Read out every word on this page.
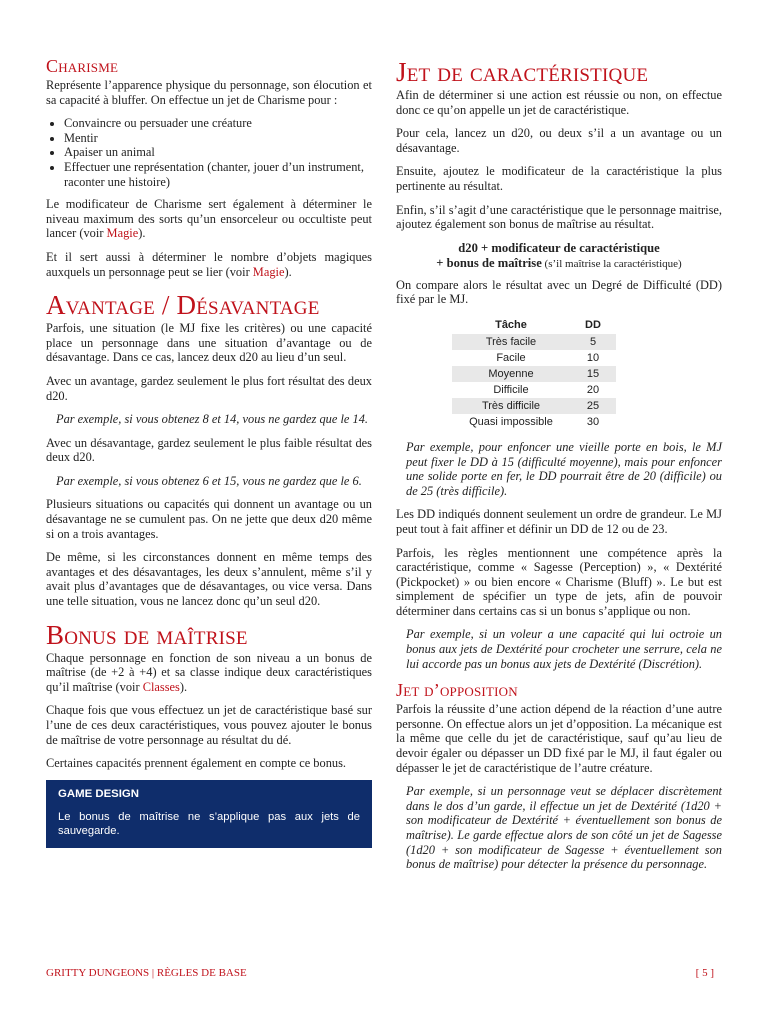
Charisme

Représente l’apparence physique du personnage, son élocution et sa capacité à bluffer. On effectue un jet de Charisme pour :

• Convaincre ou persuader une créature
• Mentir
• Apaiser un animal
• Effectuer une représentation (chanter, jouer d’un instrument, raconter une histoire)

Le modificateur de Charisme sert également à déterminer le niveau maximum des sorts qu’un ensorceleur ou occultiste peut lancer (voir Magie).

Et il sert aussi à déterminer le nombre d’objets magiques auxquels un personnage peut se lier (voir Magie).

Avantage / Désavantage

Parfois, une situation (le MJ fixe les critères) ou une capacité place un personnage dans une situation d’avantage ou de désavantage. Dans ce cas, lancez deux d20 au lieu d’un seul.

Avec un avantage, gardez seulement le plus fort résultat des deux d20.

Par exemple, si vous obtenez 8 et 14, vous ne gardez que le 14.

Avec un désavantage, gardez seulement le plus faible résultat des deux d20.

Par exemple, si vous obtenez 6 et 15, vous ne gardez que le 6.

Plusieurs situations ou capacités qui donnent un avantage ou un désavantage ne se cumulent pas. On ne jette que deux d20 même si on a trois avantages.

De même, si les circonstances donnent en même temps des avantages et des désavantages, les deux s’annulent, même s’il y avait plus d’avantages que de désavantages, ou vice versa. Dans une telle situation, vous ne lancez donc qu’un seul d20.

Bonus de maîtrise

Chaque personnage en fonction de son niveau a un bonus de maîtrise (de +2 à +4) et sa classe indique deux caractéristiques qu’il maîtrise (voir Classes).

Chaque fois que vous effectuez un jet de caractéristique basé sur l’une de ces deux caractéristiques, vous pouvez ajouter le bonus de maîtrise de votre personnage au résultat du dé.

Certaines capacités prennent également en compte ce bonus.

GAME DESIGN
Le bonus de maîtrise ne s’applique pas aux jets de sauvegarde.
Jet de caractéristique

Afin de déterminer si une action est réussie ou non, on effectue donc ce qu’on appelle un jet de caractéristique.

Pour cela, lancez un d20, ou deux s’il a un avantage ou un désavantage.

Ensuite, ajoutez le modificateur de la caractéristique la plus pertinente au résultat.

Enfin, s’il s’agit d’une caractéristique que le personnage maitrise, ajoutez également son bonus de maîtrise au résultat.

d20 + modificateur de caractéristique
+ bonus de maîtrise (s’il maîtrise la caractéristique)

On compare alors le résultat avec un Degré de Difficulté (DD) fixé par le MJ.

Tâche	DD
Très facile	5
Facile	10
Moyenne	15
Difficile	20
Très difficile	25
Quasi impossible	30

Par exemple, pour enfoncer une vieille porte en bois, le MJ peut fixer le DD à 15 (difficulté moyenne), mais pour enfoncer une solide porte en fer, le DD pourrait être de 20 (difficile) ou de 25 (très difficile).

Les DD indiqués donnent seulement un ordre de grandeur. Le MJ peut tout à fait affiner et définir un DD de 12 ou de 23.

Parfois, les règles mentionnent une compétence après la caractéristique, comme « Sagesse (Perception) », « Dextérité (Pickpocket) » ou bien encore « Charisme (Bluff) ». Le but est simplement de spécifier un type de jets, afin de pouvoir déterminer dans certains cas si un bonus s’applique ou non.

Par exemple, si un voleur a une capacité qui lui octroie un bonus aux jets de Dextérité pour crocheter une serrure, cela ne lui accorde pas un bonus aux jets de Dextérité (Discrétion).

Jet d’opposition

Parfois la réussite d’une action dépend de la réaction d’une autre personne. On effectue alors un jet d’opposition. La mécanique est la même que celle du jet de caractéristique, sauf qu’au lieu de devoir égaler ou dépasser un DD fixé par le MJ, il faut égaler ou dépasser le jet de caractéristique de l’autre créature.

Par exemple, si un personnage veut se déplacer discrètement dans le dos d’un garde, il effectue un jet de Dextérité (1d20 + son modificateur de Dextérité + éventuellement son bonus de maîtrise). Le garde effectue alors de son côté un jet de Sagesse (1d20 + son modificateur de Sagesse + éventuellement son bonus de maîtrise) pour détecter la présence du personnage.

GRITTY DUNGEONS | RÈGLES DE BASE	[ 5 ]
